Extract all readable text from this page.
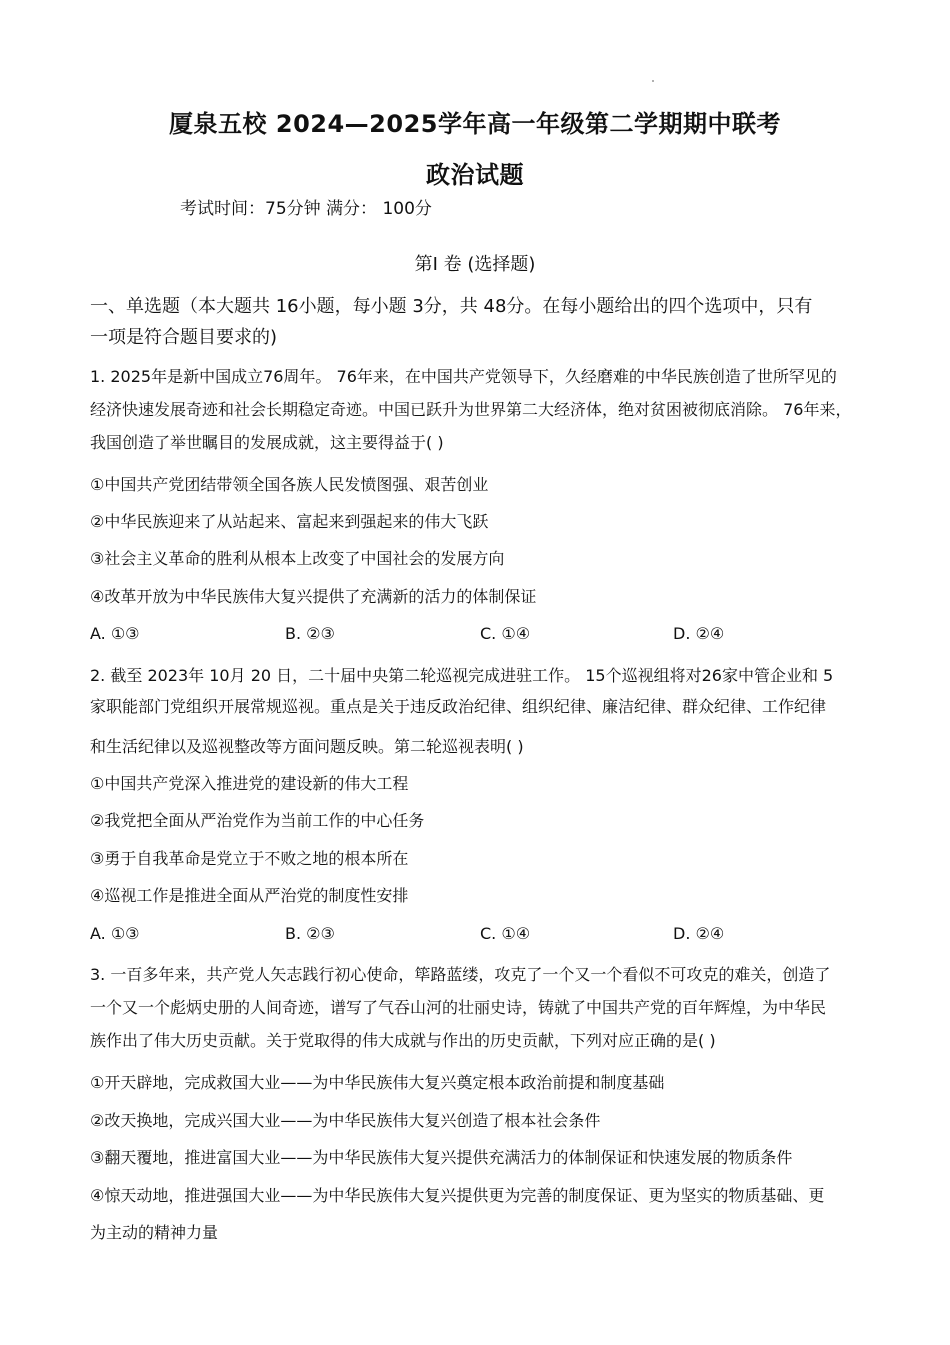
厦泉五校 2024—2025学年高一年级第二学期期中联考
政治试题
考试时间：75分钟 满分： 100分
第Ⅰ 卷 (选择题)
一、单选题（本大题共 16小题，每小题 3分，共 48分。在每小题给出的四个选项中，只有
一项是符合题目要求的)
1. 2025年是新中国成立76周年。 76年来，在中国共产党领导下，久经磨难的中华民族创造了世所罕见的
经济快速发展奇迹和社会长期稳定奇迹。中国已跃升为世界第二大经济体，绝对贫困被彻底消除。 76年来，
我国创造了举世瞩目的发展成就，这主要得益于( )
①中国共产党团结带领全国各族人民发愤图强、艰苦创业
②中华民族迎来了从站起来、富起来到强起来的伟大飞跃
③社会主义革命的胜利从根本上改变了中国社会的发展方向
④改革开放为中华民族伟大复兴提供了充满新的活力的体制保证
A. ①③	B. ②③	C. ①④	D. ②④
2. 截至 2023年 10月 20 日，二十届中央第二轮巡视完成进驻工作。 15个巡视组将对26家中管企业和 5
家职能部门党组织开展常规巡视。重点是关于违反政治纪律、组织纪律、廉洁纪律、群众纪律、工作纪律
和生活纪律以及巡视整改等方面问题反映。第二轮巡视表明( )
①中国共产党深入推进党的建设新的伟大工程
②我党把全面从严治党作为当前工作的中心任务
③勇于自我革命是党立于不败之地的根本所在
④巡视工作是推进全面从严治党的制度性安排
A. ①③	B. ②③	C. ①④	D. ②④
3. 一百多年来，共产党人矢志践行初心使命，筚路蓝缕，攻克了一个又一个看似不可攻克的难关，创造了
一个又一个彪炳史册的人间奇迹，谱写了气吞山河的壮丽史诗，铸就了中国共产党的百年辉煌，为中华民
族作出了伟大历史贡献。关于党取得的伟大成就与作出的历史贡献，下列对应正确的是( )
①开天辟地，完成救国大业——为中华民族伟大复兴奠定根本政治前提和制度基础
②改天换地，完成兴国大业——为中华民族伟大复兴创造了根本社会条件
③翻天覆地，推进富国大业——为中华民族伟大复兴提供充满活力的体制保证和快速发展的物质条件
④惊天动地，推进强国大业——为中华民族伟大复兴提供更为完善的制度保证、更为坚实的物质基础、更
为主动的精神力量
